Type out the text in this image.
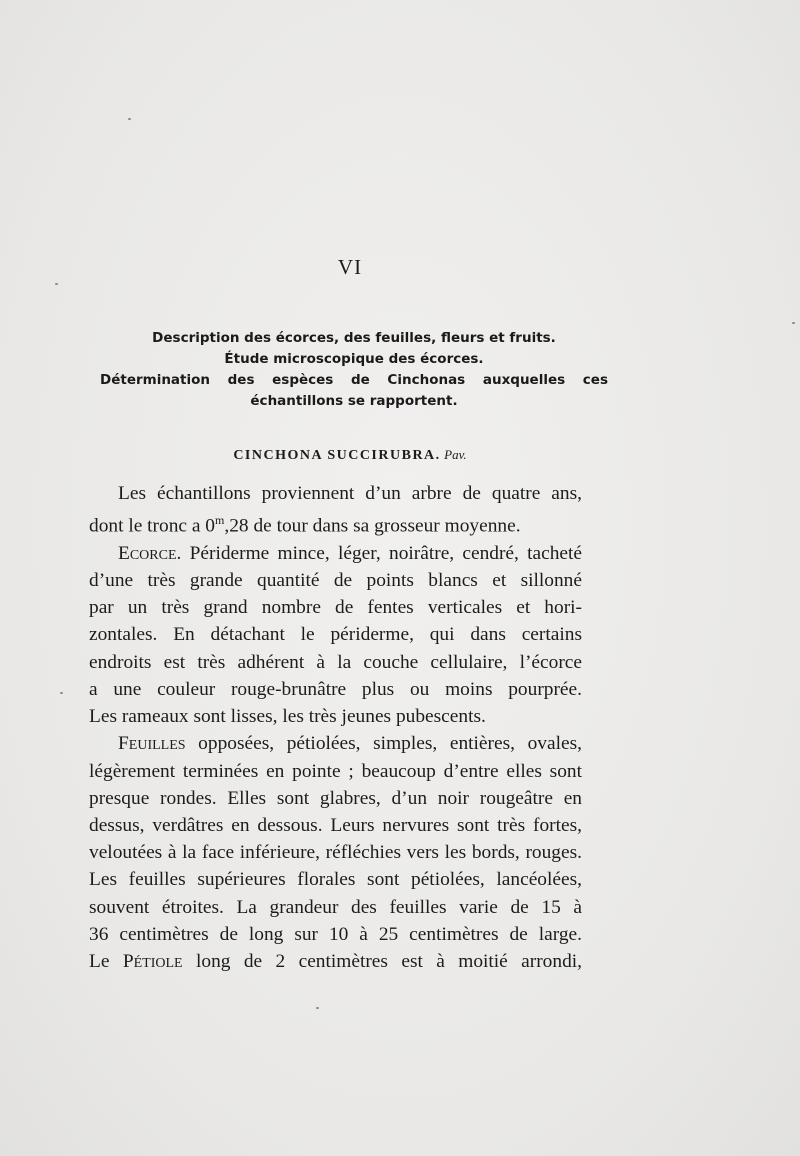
VI
Description des écorces, des feuilles, fleurs et fruits.
Étude microscopique des écorces.
Détermination des espèces de Cinchonas auxquelles ces
échantillons se rapportent.
CINCHONA SUCCIRUBRA. Pav.
Les échantillons proviennent d’un arbre de quatre ans,
dont le tronc a 0$^m$,28 de tour dans sa grosseur moyenne.
Ecorce. Périderme mince, léger, noirâtre, cendré, tacheté
d’une très grande quantité de points blancs et sillonné
par un très grand nombre de fentes verticales et hori-
zontales. En détachant le périderme, qui dans certains
endroits est très adhérent à la couche cellulaire, l’écorce
a une couleur rouge-brunâtre plus ou moins pourprée.
Les rameaux sont lisses, les très jeunes pubescents.
Feuilles opposées, pétiolées, simples, entières, ovales,
légèrement terminées en pointe ; beaucoup d’entre elles sont
presque rondes. Elles sont glabres, d’un noir rougeâtre en
dessus, verdâtres en dessous. Leurs nervures sont très fortes,
veloutées à la face inférieure, réfléchies vers les bords, rouges.
Les feuilles supérieures florales sont pétiolées, lancéolées,
souvent étroites. La grandeur des feuilles varie de 15 à
36 centimètres de long sur 10 à 25 centimètres de large.
Le Pétiole long de 2 centimètres est à moitié arrondi,
